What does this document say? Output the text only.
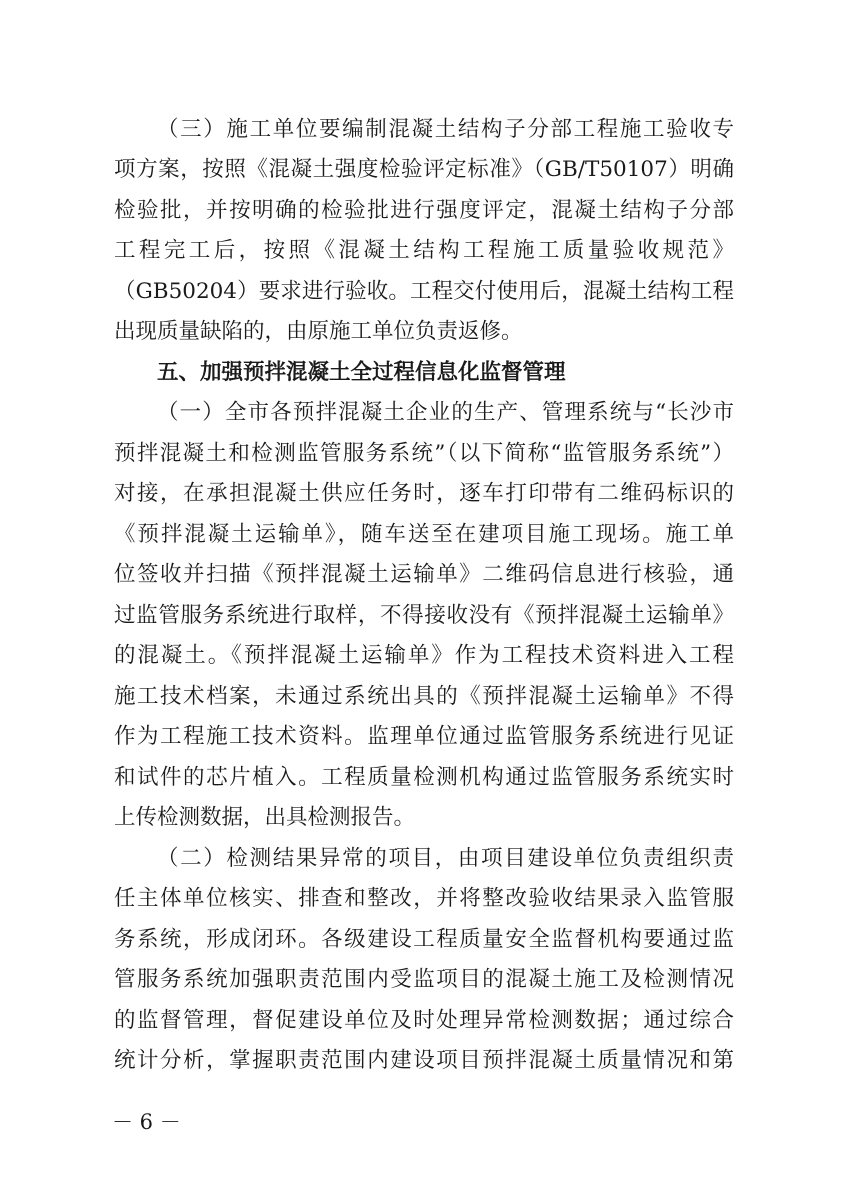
（三）施工单位要编制混凝土结构子分部工程施工验收专
项方案，按照《混凝土强度检验评定标准》（GB/T50107）明确
检验批，并按明确的检验批进行强度评定，混凝土结构子分部
工程完工后，按照《混凝土结构工程施工质量验收规范》
（GB50204）要求进行验收。工程交付使用后，混凝土结构工程
出现质量缺陷的，由原施工单位负责返修。
五、加强预拌混凝土全过程信息化监督管理
（一）全市各预拌混凝土企业的生产、管理系统与“长沙市
预拌混凝土和检测监管服务系统”（以下简称“监管服务系统”）
对接，在承担混凝土供应任务时，逐车打印带有二维码标识的
《预拌混凝土运输单》，随车送至在建项目施工现场。施工单
位签收并扫描《预拌混凝土运输单》二维码信息进行核验，通
过监管服务系统进行取样，不得接收没有《预拌混凝土运输单》
的混凝土。《预拌混凝土运输单》作为工程技术资料进入工程
施工技术档案，未通过系统出具的《预拌混凝土运输单》不得
作为工程施工技术资料。监理单位通过监管服务系统进行见证
和试件的芯片植入。工程质量检测机构通过监管服务系统实时
上传检测数据，出具检测报告。
（二）检测结果异常的项目，由项目建设单位负责组织责
任主体单位核实、排查和整改，并将整改验收结果录入监管服
务系统，形成闭环。各级建设工程质量安全监督机构要通过监
管服务系统加强职责范围内受监项目的混凝土施工及检测情况
的监督管理，督促建设单位及时处理异常检测数据；通过综合
统计分析，掌握职责范围内建设项目预拌混凝土质量情况和第
－ 6 －
